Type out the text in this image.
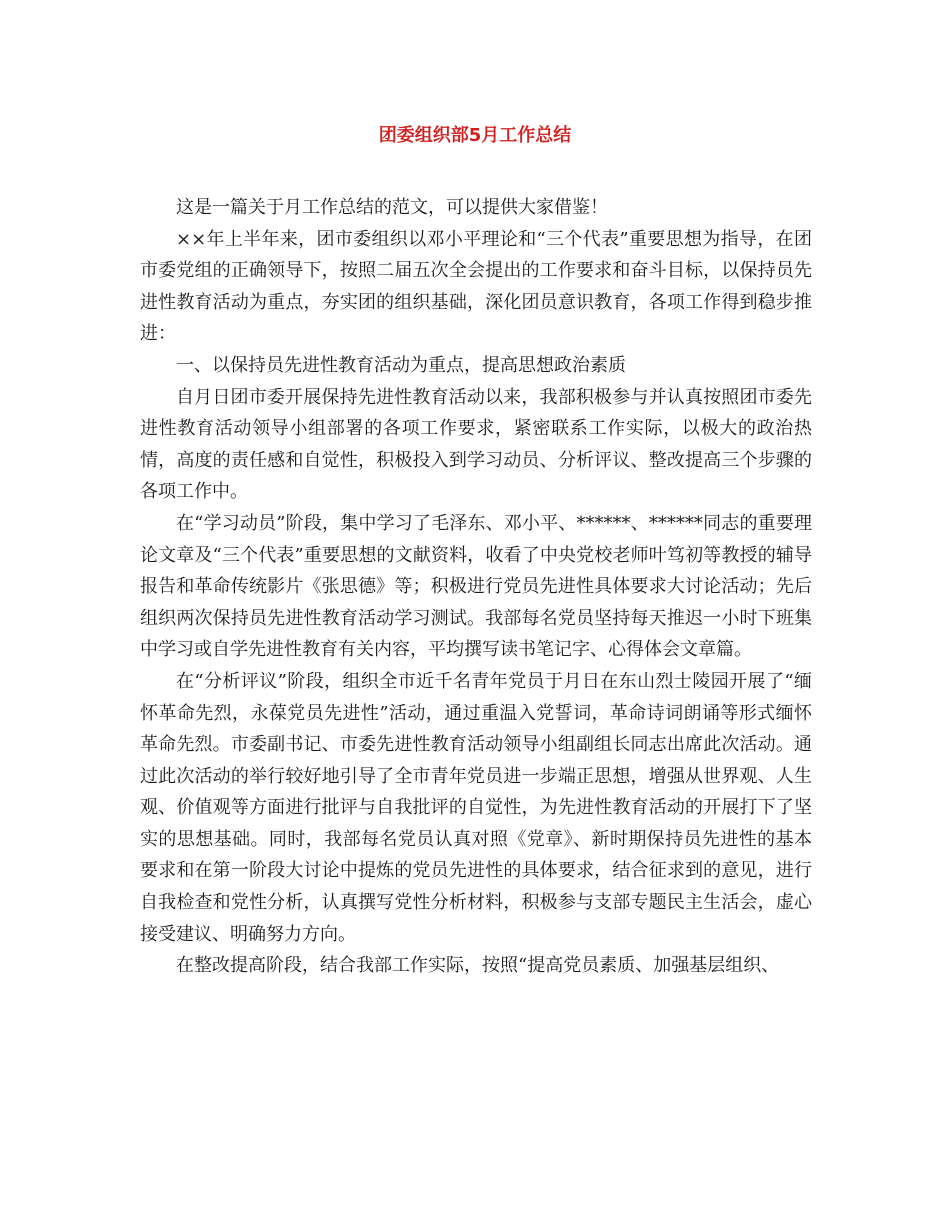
团委组织部5月工作总结

这是一篇关于月工作总结的范文，可以提供大家借鉴！

××年上半年来，团市委组织以邓小平理论和“三个代表”重要思想为指导，在团市委党组的正确领导下，按照二届五次全会提出的工作要求和奋斗目标，以保持员先进性教育活动为重点，夯实团的组织基础，深化团员意识教育，各项工作得到稳步推进：

一、以保持员先进性教育活动为重点，提高思想政治素质

自月日团市委开展保持先进性教育活动以来，我部积极参与并认真按照团市委先进性教育活动领导小组部署的各项工作要求，紧密联系工作实际，以极大的政治热情，高度的责任感和自觉性，积极投入到学习动员、分析评议、整改提高三个步骤的各项工作中。

在“学习动员”阶段，集中学习了毛泽东、邓小平、******、******同志的重要理论文章及“三个代表”重要思想的文献资料，收看了中央党校老师叶笃初等教授的辅导报告和革命传统影片《张思德》等；积极进行党员先进性具体要求大讨论活动；先后组织两次保持员先进性教育活动学习测试。我部每名党员坚持每天推迟一小时下班集中学习或自学先进性教育有关内容，平均撰写读书笔记字、心得体会文章篇。

在“分析评议”阶段，组织全市近千名青年党员于月日在东山烈士陵园开展了“缅怀革命先烈，永葆党员先进性”活动，通过重温入党誓词，革命诗词朗诵等形式缅怀革命先烈。市委副书记、市委先进性教育活动领导小组副组长同志出席此次活动。通过此次活动的举行较好地引导了全市青年党员进一步端正思想，增强从世界观、人生观、价值观等方面进行批评与自我批评的自觉性，为先进性教育活动的开展打下了坚实的思想基础。同时，我部每名党员认真对照《党章》、新时期保持员先进性的基本要求和在第一阶段大讨论中提炼的党员先进性的具体要求，结合征求到的意见，进行自我检查和党性分析，认真撰写党性分析材料，积极参与支部专题民主生活会，虚心接受建议、明确努力方向。

在整改提高阶段，结合我部工作实际，按照“提高党员素质、加强基层组织、
